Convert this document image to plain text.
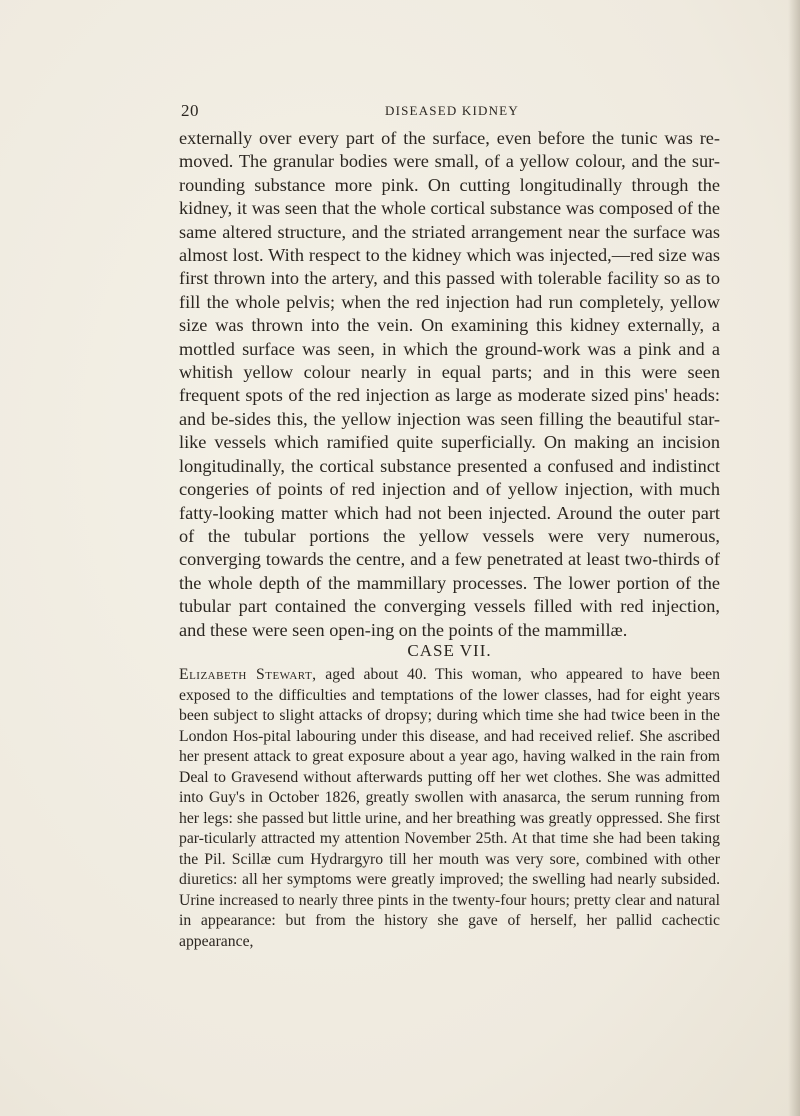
20	DISEASED KIDNEY

externally over every part of the surface, even before the tunic was re-moved. The granular bodies were small, of a yellow colour, and the sur-rounding substance more pink. On cutting longitudinally through the kidney, it was seen that the whole cortical substance was composed of the same altered structure, and the striated arrangement near the surface was almost lost. With respect to the kidney which was injected,—red size was first thrown into the artery, and this passed with tolerable facility so as to fill the whole pelvis; when the red injection had run completely, yellow size was thrown into the vein. On examining this kidney externally, a mottled surface was seen, in which the ground-work was a pink and a whitish yellow colour nearly in equal parts; and in this were seen frequent spots of the red injection as large as moderate sized pins' heads: and be-sides this, the yellow injection was seen filling the beautiful star-like vessels which ramified quite superficially. On making an incision longitudinally, the cortical substance presented a confused and indistinct congeries of points of red injection and of yellow injection, with much fatty-looking matter which had not been injected. Around the outer part of the tubular portions the yellow vessels were very numerous, converging towards the centre, and a few penetrated at least two-thirds of the whole depth of the mammillary processes. The lower portion of the tubular part contained the converging vessels filled with red injection, and these were seen open-ing on the points of the mammillæ.

CASE VII.

Elizabeth Stewart, aged about 40. This woman, who appeared to have been exposed to the difficulties and temptations of the lower classes, had for eight years been subject to slight attacks of dropsy; during which time she had twice been in the London Hos-pital labouring under this disease, and had received relief. She ascribed her present attack to great exposure about a year ago, having walked in the rain from Deal to Gravesend without afterwards putting off her wet clothes. She was admitted into Guy's in October 1826, greatly swollen with anasarca, the serum running from her legs: she passed but little urine, and her breathing was greatly oppressed. She first par-ticularly attracted my attention November 25th. At that time she had been taking the Pil. Scillæ cum Hydrargyro till her mouth was very sore, combined with other diuretics: all her symptoms were greatly improved; the swelling had nearly subsided. Urine increased to nearly three pints in the twenty-four hours; pretty clear and natural in appearance: but from the history she gave of herself, her pallid cachectic appearance,
